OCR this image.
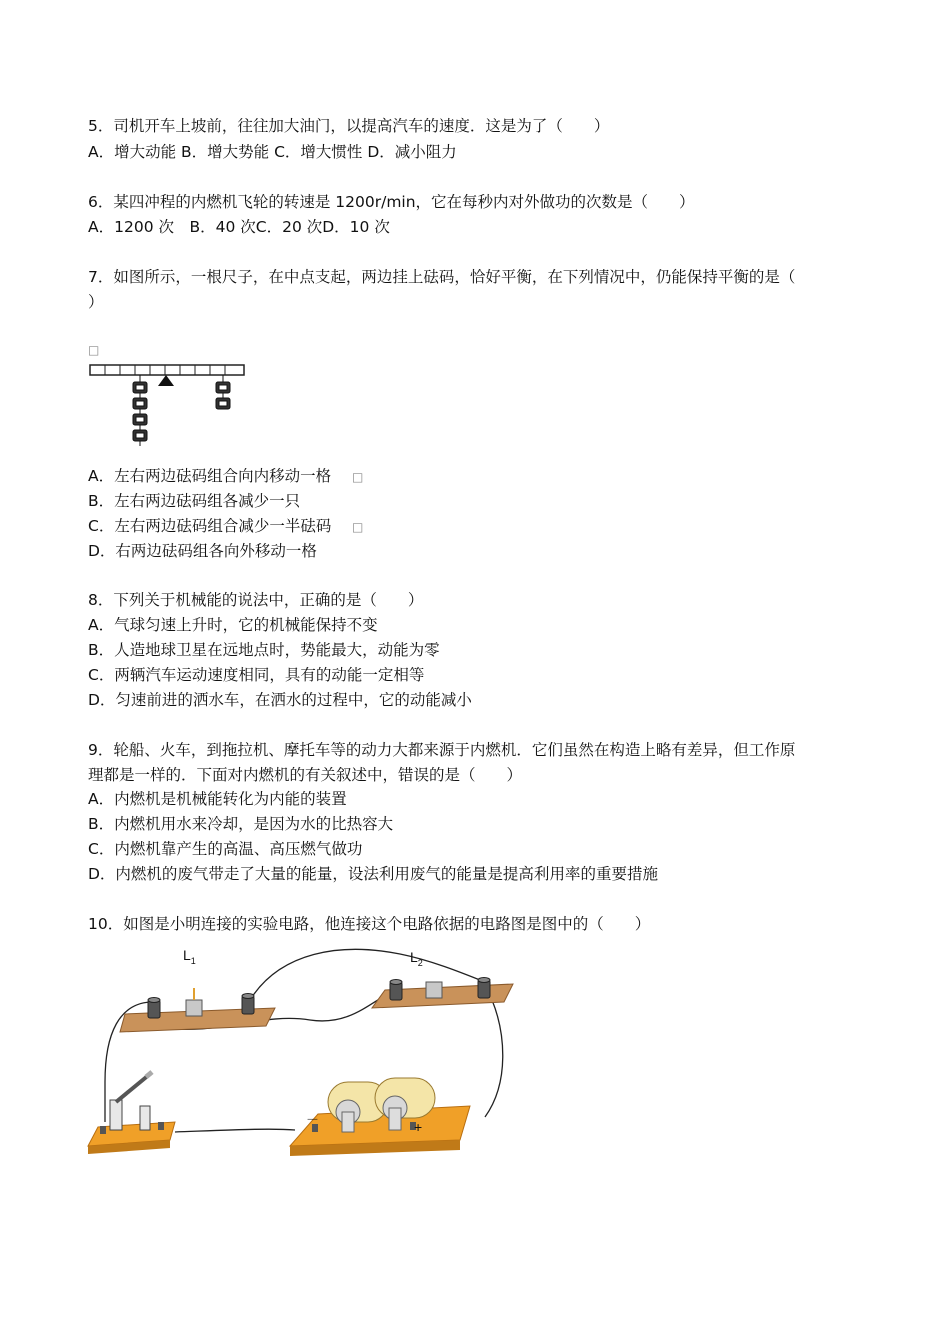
5．司机开车上坡前，往往加大油门，以提高汽车的速度．这是为了（　　）
A．增大动能 B．增大势能 C．增大惯性 D．减小阻力
6．某四冲程的内燃机飞轮的转速是 1200r/min，它在每秒内对外做功的次数是（　　）
A．1200 次　B．40 次C．20 次D．10 次
7．如图所示，一根尺子，在中点支起，两边挂上砝码，恰好平衡，在下列情况中，仍能保持平衡的是（
）
□
A．左右两边砝码组合向内移动一格 □
B．左右两边砝码组各减少一只
C．左右两边砝码组合减少一半砝码 □
D．右两边砝码组各向外移动一格
8．下列关于机械能的说法中，正确的是（　　）
A．气球匀速上升时，它的机械能保持不变
B．人造地球卫星在远地点时，势能最大，动能为零
C．两辆汽车运动速度相同，具有的动能一定相等
D．匀速前进的洒水车，在洒水的过程中，它的动能减小
9．轮船、火车，到拖拉机、摩托车等的动力大都来源于内燃机．它们虽然在构造上略有差异，但工作原
理都是一样的．下面对内燃机的有关叙述中，错误的是（　　）
A．内燃机是机械能转化为内能的装置
B．内燃机用水来冷却，是因为水的比热容大
C．内燃机靠产生的高温、高压燃气做功
D．内燃机的废气带走了大量的能量，设法利用废气的能量是提高利用率的重要措施
10．如图是小明连接的实验电路，他连接这个电路依据的电路图是图中的（　　）
$L_1$	$L_2$
－	+
